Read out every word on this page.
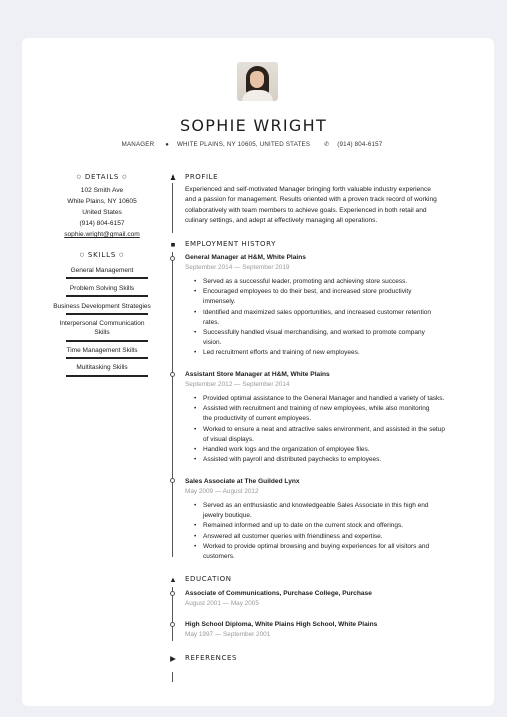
SOPHIE WRIGHT
MANAGER ● WHITE PLAINS, NY 10605, UNITED STATES ✆ (914) 804-6157
○ DETAILS ○
102 Smith Ave
White Plains, NY 10605
United States
(914) 804-6157
sophie.wright@gmail.com
○ SKILLS ○
General Management
Problem Solving Skills
Business Development Strategies
Interpersonal Communication
Skills
Time Management Skills
Multitasking Skills
♟ PROFILE
Experienced and self-motivated Manager bringing forth valuable industry experience
and a passion for management. Results oriented with a proven track record of working
collaboratively with team members to achieve goals. Experienced in both retail and
culinary settings, and adept at effectively managing all operations.
■	EMPLOYMENT HISTORY
General Manager at H&M, White Plains
September 2014 — September 2019
• Served as a successful leader, promoting and achieving store success.
• Encouraged employees to do their best, and increased store productivity
immensely.
• Identified and maximized sales opportunities, and increased customer retention
rates.
• Successfully handled visual merchandising, and worked to promote company
vision.
• Led recruitment efforts and training of new employees.
Assistant Store Manager at H&M, White Plains
September 2012 — September 2014
• Provided optimal assistance to the General Manager and handled a variety of tasks.
• Assisted with recruitment and training of new employees, while also monitoring
the productivity of current employees.
• Worked to ensure a neat and attractive sales environment, and assisted in the setup
of visual displays.
• Handled work logs and the organization of employee files.
• Assisted with payroll and distributed paychecks to employees.
Sales Associate at The Guilded Lynx
May 2009 — August 2012
• Served as an enthusiastic and knowledgeable Sales Associate in this high end
jewelry boutique.
• Remained informed and up to date on the current stock and offerings.
• Answered all customer queries with friendliness and expertise.
• Worked to provide optimal browsing and buying experiences for all visitors and
customers.
▲ EDUCATION
Associate of Communications, Purchase College, Purchase
August 2001 — May 2005
High School Diploma, White Plains High School, White Plains
May 1997 — September 2001
▶	REFERENCES
